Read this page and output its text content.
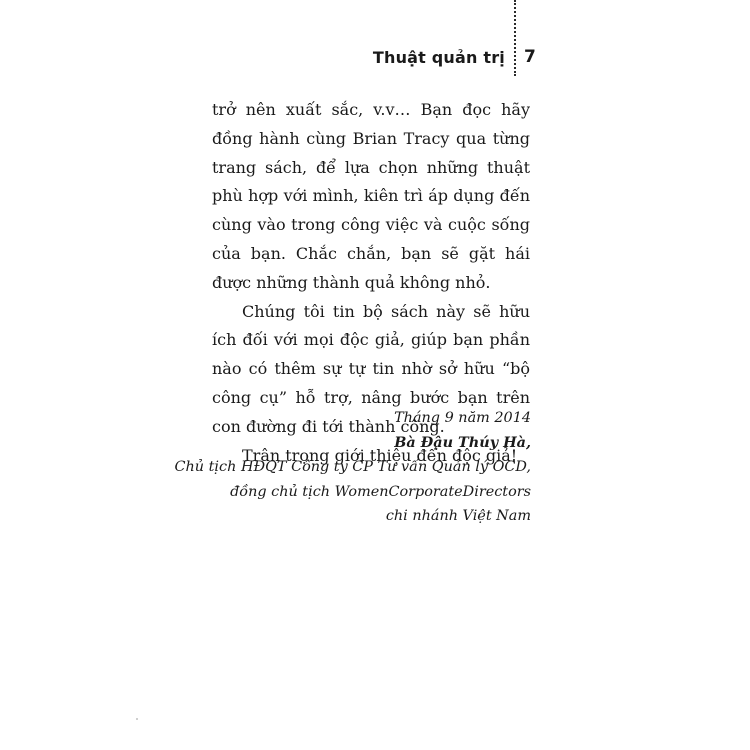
Thuật quản trị 7

trở nên xuất sắc, v.v… Bạn đọc hãy đồng hành cùng Brian Tracy qua từng trang sách, để lựa chọn những thuật phù hợp với mình, kiên trì áp dụng đến cùng vào trong công việc và cuộc sống của bạn. Chắc chắn, bạn sẽ gặt hái được những thành quả không nhỏ.

Chúng tôi tin bộ sách này sẽ hữu ích đối với mọi độc giả, giúp bạn phần nào có thêm sự tự tin nhờ sở hữu “bộ công cụ” hỗ trợ, nâng bước bạn trên con đường đi tới thành công.

Trân trọng giới thiệu đến độc giả!

Tháng 9 năm 2014
Bà Đậu Thúy Hà,
Chủ tịch HĐQT Công ty CP Tư vấn Quản lý OCD,
đồng chủ tịch WomenCorporateDirectors
chi nhánh Việt Nam
